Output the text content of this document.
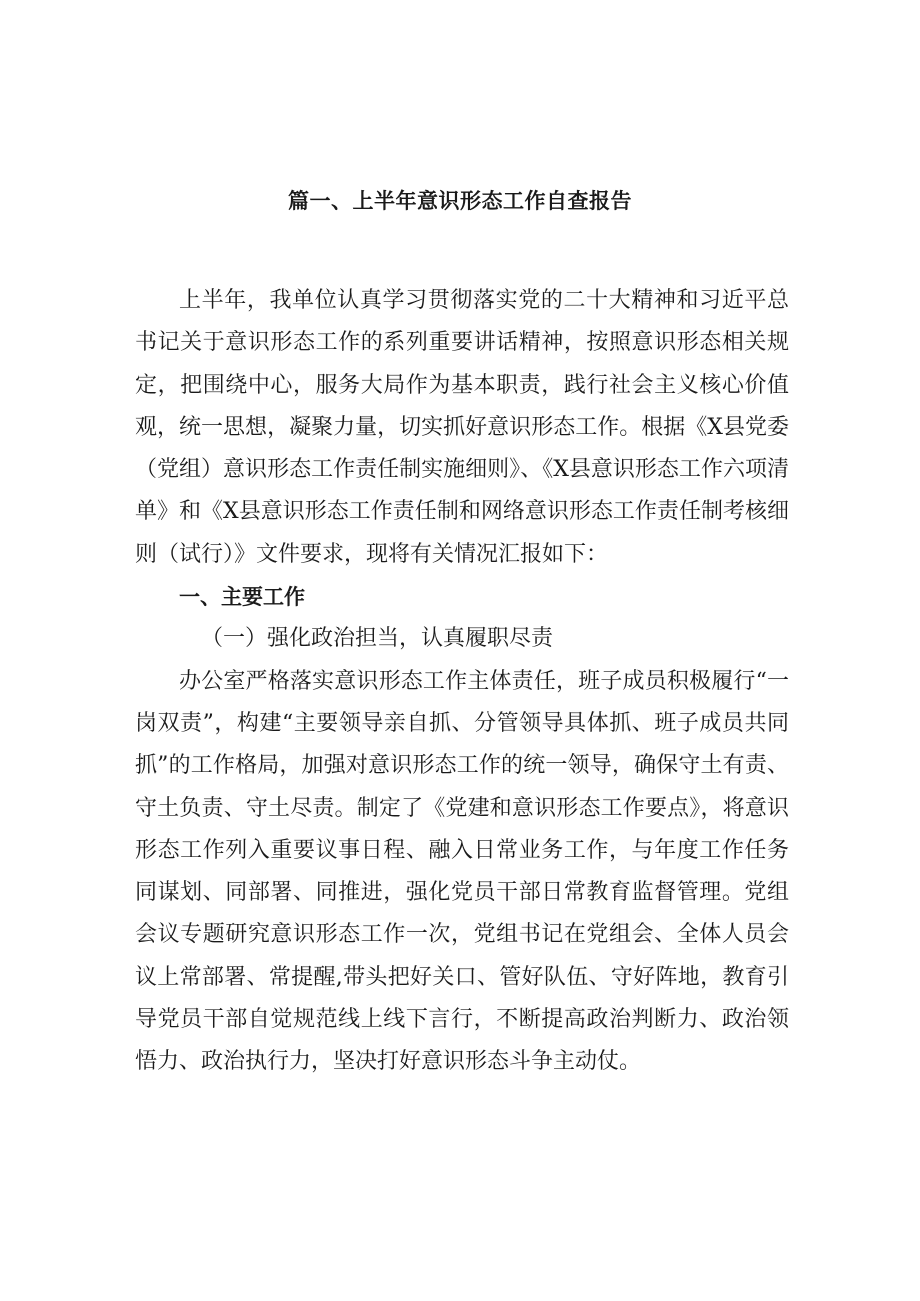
篇一、上半年意识形态工作自查报告

上半年，我单位认真学习贯彻落实党的二十大精神和习近平总书记关于意识形态工作的系列重要讲话精神，按照意识形态相关规定，把围绕中心，服务大局作为基本职责，践行社会主义核心价值观，统一思想，凝聚力量，切实抓好意识形态工作。根据《X县党委（党组）意识形态工作责任制实施细则》、《X县意识形态工作六项清单》和《X县意识形态工作责任制和网络意识形态工作责任制考核细则（试行）》文件要求，现将有关情况汇报如下：

一、主要工作

（一）强化政治担当，认真履职尽责

办公室严格落实意识形态工作主体责任，班子成员积极履行“一岗双责”，构建“主要领导亲自抓、分管领导具体抓、班子成员共同抓”的工作格局，加强对意识形态工作的统一领导，确保守土有责、守土负责、守土尽责。制定了《党建和意识形态工作要点》，将意识形态工作列入重要议事日程、融入日常业务工作，与年度工作任务同谋划、同部署、同推进，强化党员干部日常教育监督管理。党组会议专题研究意识形态工作一次，党组书记在党组会、全体人员会议上常部署、常提醒,带头把好关口、管好队伍、守好阵地，教育引导党员干部自觉规范线上线下言行，不断提高政治判断力、政治领悟力、政治执行力，坚决打好意识形态斗争主动仗。
